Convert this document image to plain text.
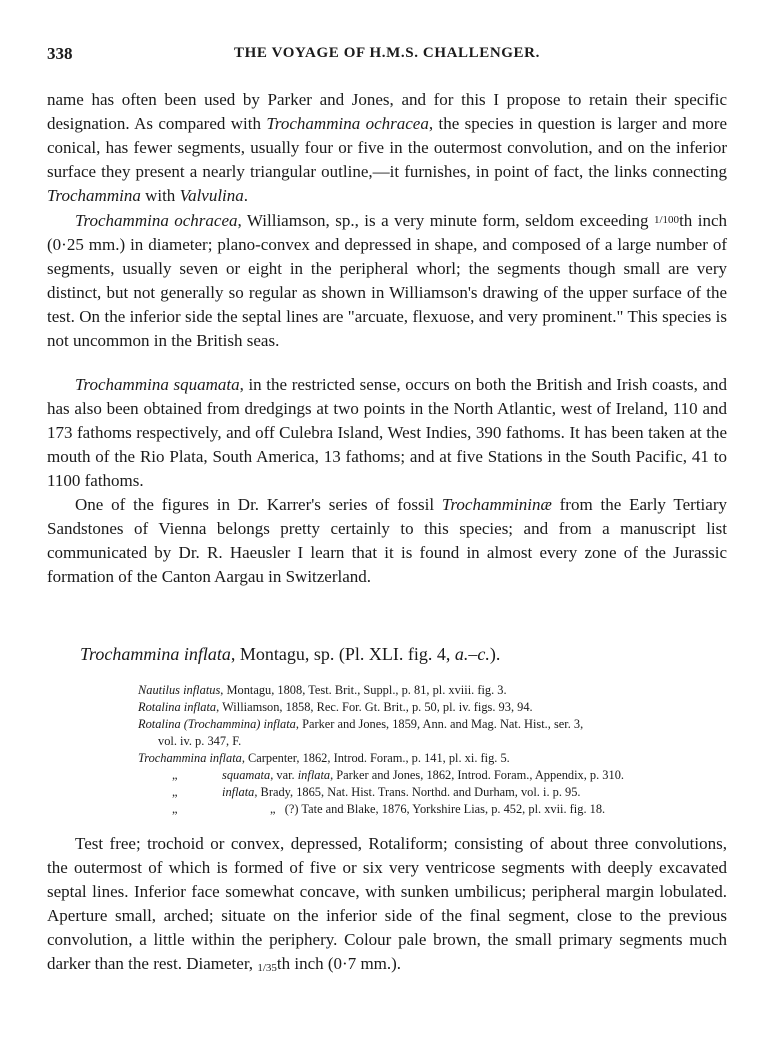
338	THE VOYAGE OF H.M.S. CHALLENGER.

name has often been used by Parker and Jones, and for this I propose to retain their specific designation. As compared with Trochammina ochracea, the species in question is larger and more conical, has fewer segments, usually four or five in the outermost convolution, and on the inferior surface they present a nearly triangular outline,—it furnishes, in point of fact, the links connecting Trochammina with Valvulina.

Trochammina ochracea, Williamson, sp., is a very minute form, seldom exceeding 1/100th inch (0·25 mm.) in diameter; plano-convex and depressed in shape, and composed of a large number of segments, usually seven or eight in the peripheral whorl; the segments though small are very distinct, but not generally so regular as shown in Williamson's drawing of the upper surface of the test. On the inferior side the septal lines are "arcuate, flexuose, and very prominent." This species is not uncommon in the British seas.

Trochammina squamata, in the restricted sense, occurs on both the British and Irish coasts, and has also been obtained from dredgings at two points in the North Atlantic, west of Ireland, 110 and 173 fathoms respectively, and off Culebra Island, West Indies, 390 fathoms. It has been taken at the mouth of the Rio Plata, South America, 13 fathoms; and at five Stations in the South Pacific, 41 to 1100 fathoms.

One of the figures in Dr. Karrer's series of fossil Trochammininæ from the Early Tertiary Sandstones of Vienna belongs pretty certainly to this species; and from a manuscript list communicated by Dr. R. Haeusler I learn that it is found in almost every zone of the Jurassic formation of the Canton Aargau in Switzerland.

Trochammina inflata, Montagu, sp. (Pl. XLI. fig. 4, a.–c.).

Nautilus inflatus, Montagu, 1808, Test. Brit., Suppl., p. 81, pl. xviii. fig. 3.

Rotalina inflata, Williamson, 1858, Rec. For. Gt. Brit., p. 50, pl. iv. figs. 93, 94.

Rotalina (Trochammina) inflata, Parker and Jones, 1859, Ann. and Mag. Nat. Hist., ser. 3,

vol. iv. p. 347, F.

Trochammina inflata, Carpenter, 1862, Introd. Foram., p. 141, pl. xi. fig. 5.

„	squamata, var. inflata, Parker and Jones, 1862, Introd. Foram., Appendix, p. 310.

„	inflata, Brady, 1865, Nat. Hist. Trans. Northd. and Durham, vol. i. p. 95.

„	„ (?) Tate and Blake, 1876, Yorkshire Lias, p. 452, pl. xvii. fig. 18.

Test free; trochoid or convex, depressed, Rotaliform; consisting of about three convolutions, the outermost of which is formed of five or six very ventricose segments with deeply excavated septal lines. Inferior face somewhat concave, with sunken umbilicus; peripheral margin lobulated. Aperture small, arched; situate on the inferior side of the final segment, close to the previous convolution, a little within the periphery. Colour pale brown, the small primary segments much darker than the rest. Diameter, 1/35th inch (0·7 mm.).
